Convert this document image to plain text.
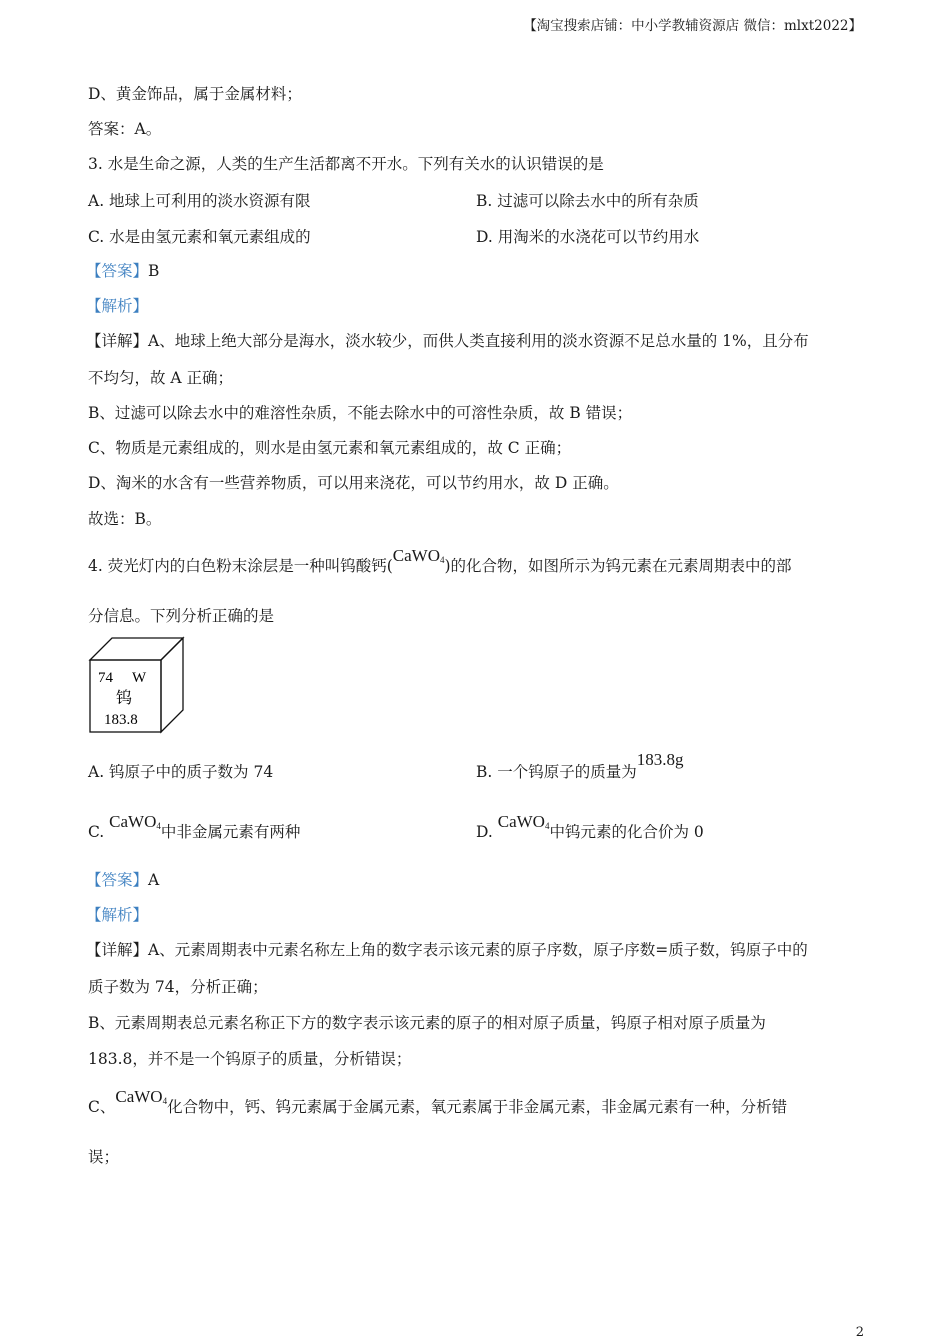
【淘宝搜索店铺：中小学教辅资源店 微信：mlxt2022】
D、黄金饰品，属于金属材料；
答案：A。
3. 水是生命之源，人类的生产生活都离不开水。下列有关水的认识错误的是
A. 地球上可利用的淡水资源有限	B. 过滤可以除去水中的所有杂质
C. 水是由氢元素和氧元素组成的	D. 用淘米的水浇花可以节约用水
【答案】B
【解析】
【详解】A、地球上绝大部分是海水，淡水较少，而供人类直接利用的淡水资源不足总水量的 1%，且分布
不均匀，故 A 正确；
B、过滤可以除去水中的难溶性杂质，不能去除水中的可溶性杂质，故 B 错误；
C、物质是元素组成的，则水是由氢元素和氧元素组成的，故 C 正确；
D、淘米的水含有一些营养物质，可以用来浇花，可以节约用水，故 D 正确。
故选：B。
4. 荧光灯内的白色粉末涂层是一种叫钨酸钙(CaWO4)的化合物，如图所示为钨元素在元素周期表中的部
分信息。下列分析正确的是
74 W
钨
183.8
A. 钨原子中的质子数为 74	B. 一个钨原子的质量为183.8g
C. CaWO4中非金属元素有两种	D. CaWO4中钨元素的化合价为 0
【答案】A
【解析】
【详解】A、元素周期表中元素名称左上角的数字表示该元素的原子序数，原子序数=质子数，钨原子中的
质子数为 74，分析正确；
B、元素周期表总元素名称正下方的数字表示该元素的原子的相对原子质量，钨原子相对原子质量为
183.8，并不是一个钨原子的质量，分析错误；
C、CaWO4化合物中，钙、钨元素属于金属元素，氧元素属于非金属元素，非金属元素有一种，分析错
误；
2
